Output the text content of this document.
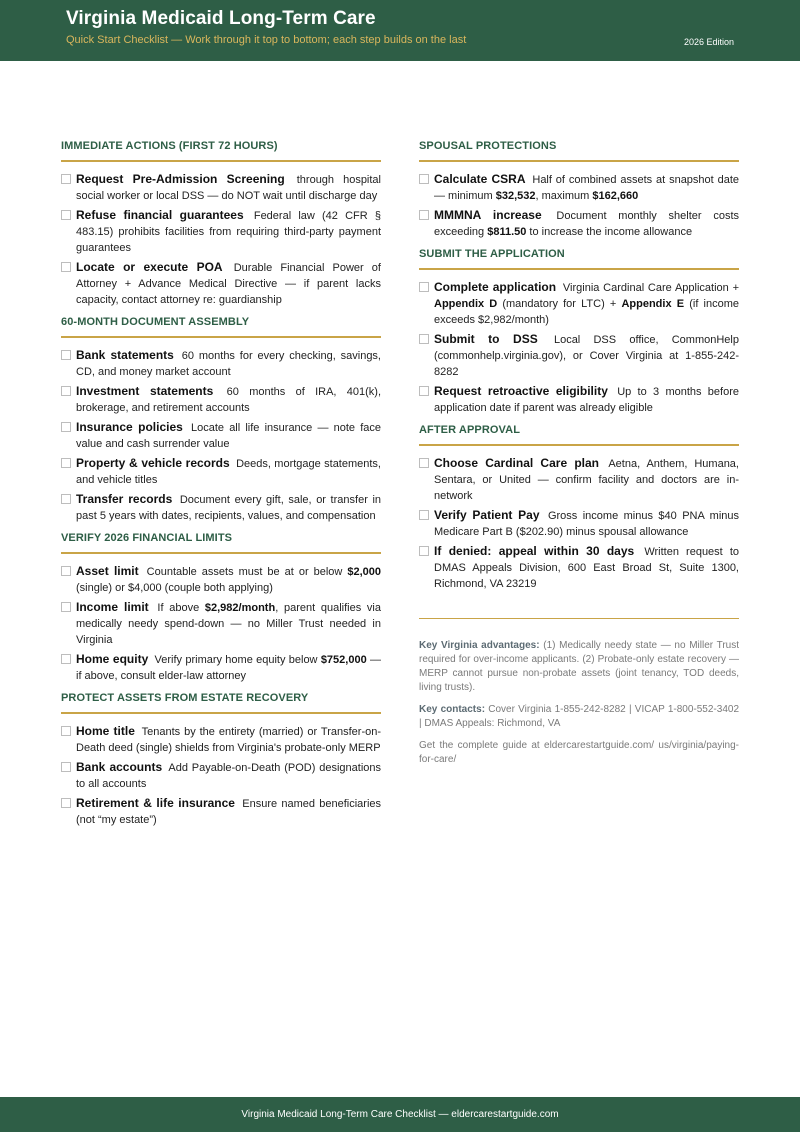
Virginia Medicaid Long-Term Care
Quick Start Checklist — Work through it top to bottom; each step builds on the last	2026 Edition
IMMEDIATE ACTIONS (FIRST 72 HOURS)
Request Pre-Admission Screening through hospital social worker or local DSS — do NOT wait until discharge day
Refuse financial guarantees Federal law (42 CFR § 483.15) prohibits facilities from requiring third-party payment guarantees
Locate or execute POA Durable Financial Power of Attorney + Advance Medical Directive — if parent lacks capacity, contact attorney re: guardianship
60-MONTH DOCUMENT ASSEMBLY
Bank statements 60 months for every checking, savings, CD, and money market account
Investment statements 60 months of IRA, 401(k), brokerage, and retirement accounts
Insurance policies Locate all life insurance — note face value and cash surrender value
Property & vehicle records Deeds, mortgage statements, and vehicle titles
Transfer records Document every gift, sale, or transfer in past 5 years with dates, recipients, values, and compensation
VERIFY 2026 FINANCIAL LIMITS
Asset limit Countable assets must be at or below $2,000 (single) or $4,000 (couple both applying)
Income limit If above $2,982/month, parent qualifies via medically needy spend-down — no Miller Trust needed in Virginia
Home equity Verify primary home equity below $752,000 — if above, consult elder-law attorney
PROTECT ASSETS FROM ESTATE RECOVERY
Home title Tenants by the entirety (married) or Transfer-on-Death deed (single) shields from Virginia's probate-only MERP
Bank accounts Add Payable-on-Death (POD) designations to all accounts
Retirement & life insurance Ensure named beneficiaries (not “my estate”)
SPOUSAL PROTECTIONS
Calculate CSRA Half of combined assets at snapshot date — minimum $32,532, maximum $162,660
MMMNA increase Document monthly shelter costs exceeding $811.50 to increase the income allowance
SUBMIT THE APPLICATION
Complete application Virginia Cardinal Care Application + Appendix D (mandatory for LTC) + Appendix E (if income exceeds $2,982/month)
Submit to DSS Local DSS office, CommonHelp (commonhelp.virginia.gov), or Cover Virginia at 1-855-242-8282
Request retroactive eligibility Up to 3 months before application date if parent was already eligible
AFTER APPROVAL
Choose Cardinal Care plan Aetna, Anthem, Humana, Sentara, or United — confirm facility and doctors are in-network
Verify Patient Pay Gross income minus $40 PNA minus Medicare Part B ($202.90) minus spousal allowance
If denied: appeal within 30 days Written request to DMAS Appeals Division, 600 East Broad St, Suite 1300, Richmond, VA 23219
Key Virginia advantages: (1) Medically needy state — no Miller Trust required for over-income applicants. (2) Probate-only estate recovery — MERP cannot pursue non-probate assets (joint tenancy, TOD deeds, living trusts).
Key contacts: Cover Virginia 1-855-242-8282 | VICAP 1-800-552-3402 | DMAS Appeals: Richmond, VA
Get the complete guide at eldercarestartguide.com/ us/virginia/paying-for-care/
Virginia Medicaid Long-Term Care Checklist — eldercarestartguide.com
